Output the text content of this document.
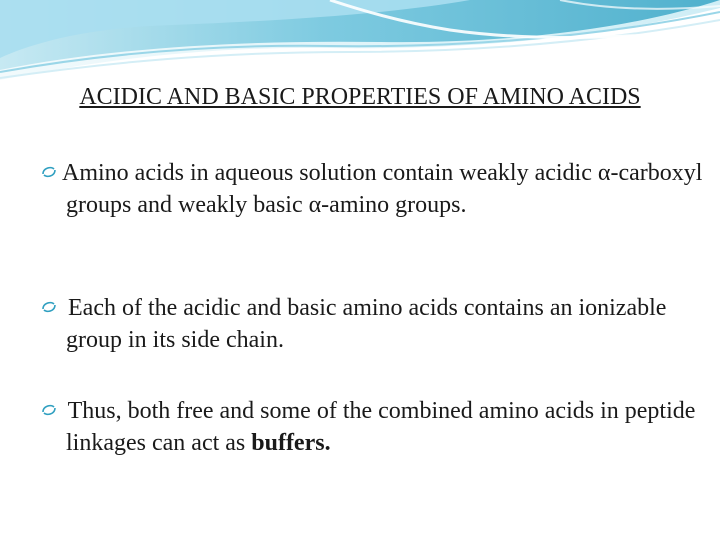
ACIDIC AND BASIC PROPERTIES OF AMINO ACIDS
Amino acids in aqueous solution contain weakly acidic α-carboxyl groups and weakly basic α-amino groups.
Each of the acidic and basic amino acids contains an ionizable group in its side chain.
Thus, both free and some of the combined amino acids in peptide linkages can act as buffers.
